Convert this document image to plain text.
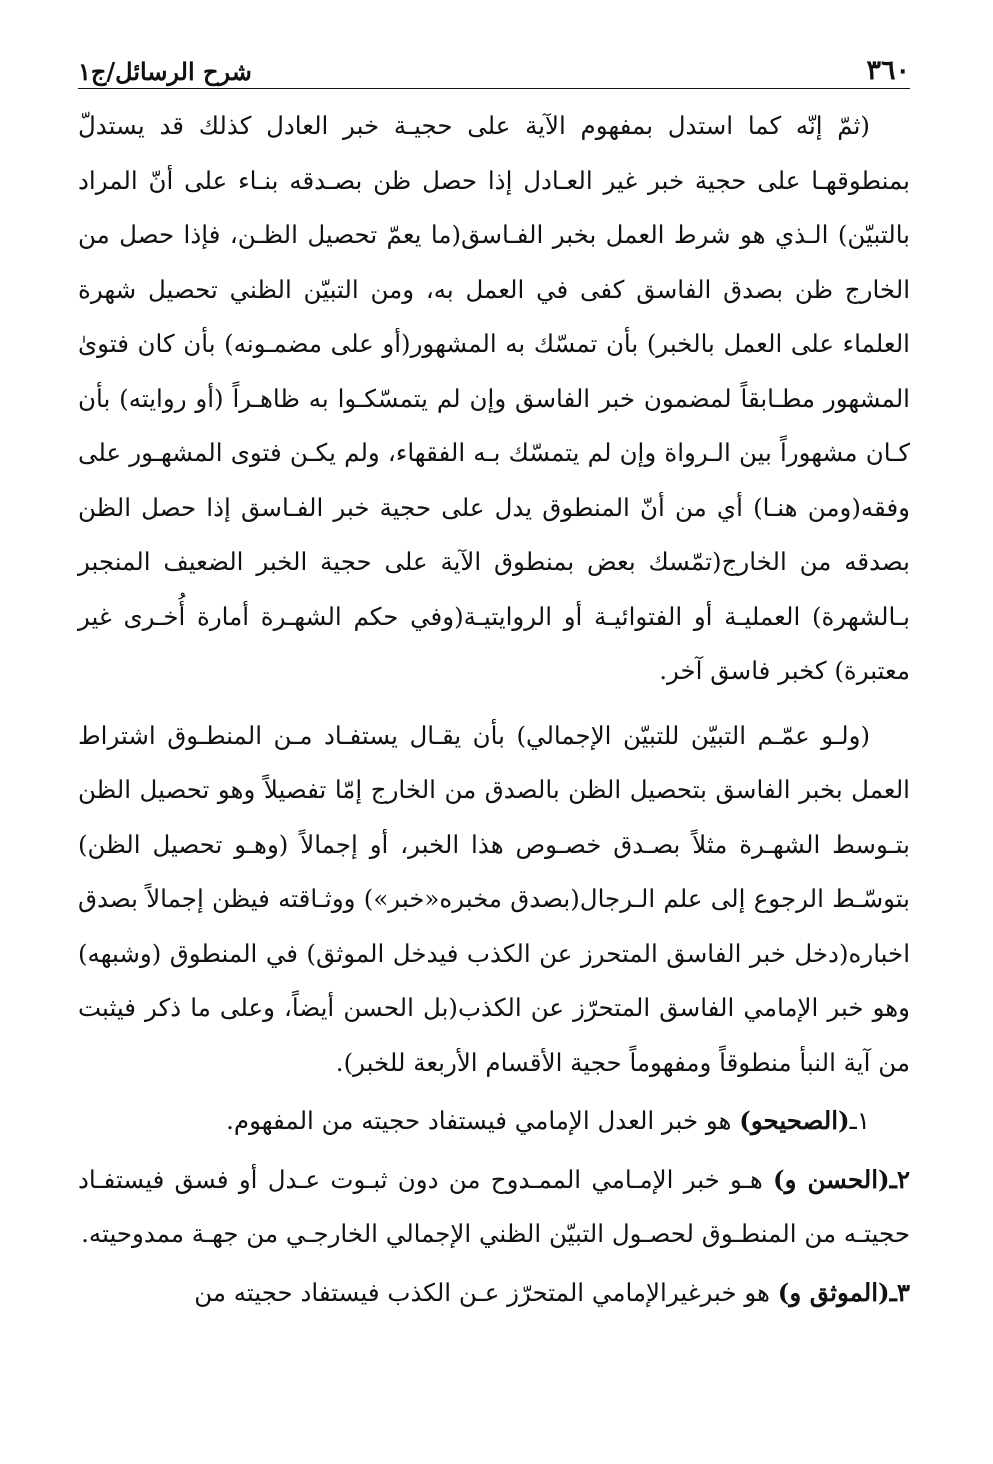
٣٦٠
شرح الرسائل/ج١

(ثمّ إنّه كما استدل بمفهوم الآية على حجيـة خبر العادل كذلك قد يستدلّ بمنطوقهـا على حجية خبر غير العـادل إذا حصل ظن بصـدقه بنـاء على أنّ المراد بالتبيّن) الـذي هو شرط العمل بخبر الفـاسق(ما يعمّ تحصيل الظـن، فإذا حصل من الخارج ظن بصدق الفاسق كفى في العمل به، ومن التبيّن الظني تحصيل شهرة العلماء على العمل بالخبر) بأن تمسّك به المشهور(أو على مضمـونه) بأن كان فتوىٰ المشهور مطـابقاً لمضمون خبر الفاسق وإن لم يتمسّكـوا به ظاهـراً (أو روايته) بأن كـان مشهوراً بين الـرواة وإن لم يتمسّك بـه الفقهاء، ولم يكـن فتوى المشهـور على وفقه(ومن هنـا) أي من أنّ المنطوق يدل على حجية خبر الفـاسق إذا حصل الظن بصدقه من الخارج(تمّسك بعض بمنطوق الآية على حجية الخبر الضعيف المنجبر بـالشهرة) العمليـة أو الفتوائيـة أو الروايتيـة(وفي حكم الشهـرة أمارة أُخـرى غير معتبرة) كخبر فاسق آخر.

(ولـو عمّـم التبيّن للتبيّن الإجمالي) بأن يقـال يستفـاد مـن المنطـوق اشتراط العمل بخبر الفاسق بتحصيل الظن بالصدق من الخارج إمّا تفصيلاً وهو تحصيل الظن بتـوسط الشهـرة مثلاً بصـدق خصـوص هذا الخبر، أو إجمالاً (وهـو تحصيل الظن) بتوسّـط الرجوع إلى علم الـرجال(بصدق مخبره«خبر») ووثـاقته فيظن إجمالاً بصدق اخباره(دخل خبر الفاسق المتحرز عن الكذب فيدخل الموثق) في المنطوق (وشبهه) وهو خبر الإمامي الفاسق المتحرّز عن الكذب(بل الحسن أيضاً، وعلى ما ذكر فيثبت من آية النبأ منطوقاً ومفهوماً حجية الأقسام الأربعة للخبر).

١ـ(الصحيحو) هو خبر العدل الإمامي فيستفاد حجيته من المفهوم.

٢ـ(الحسن و) هـو خبر الإمـامي الممـدوح من دون ثبـوت عـدل أو فسق فيستفـاد حجيتـه من المنطـوق لحصـول التبيّن الظني الإجمالي الخارجـي من جهـة ممدوحيته.

٣ـ(الموثق و) هو خبرغيرالإمامي المتحرّز عـن الكذب فيستفاد حجيته من
